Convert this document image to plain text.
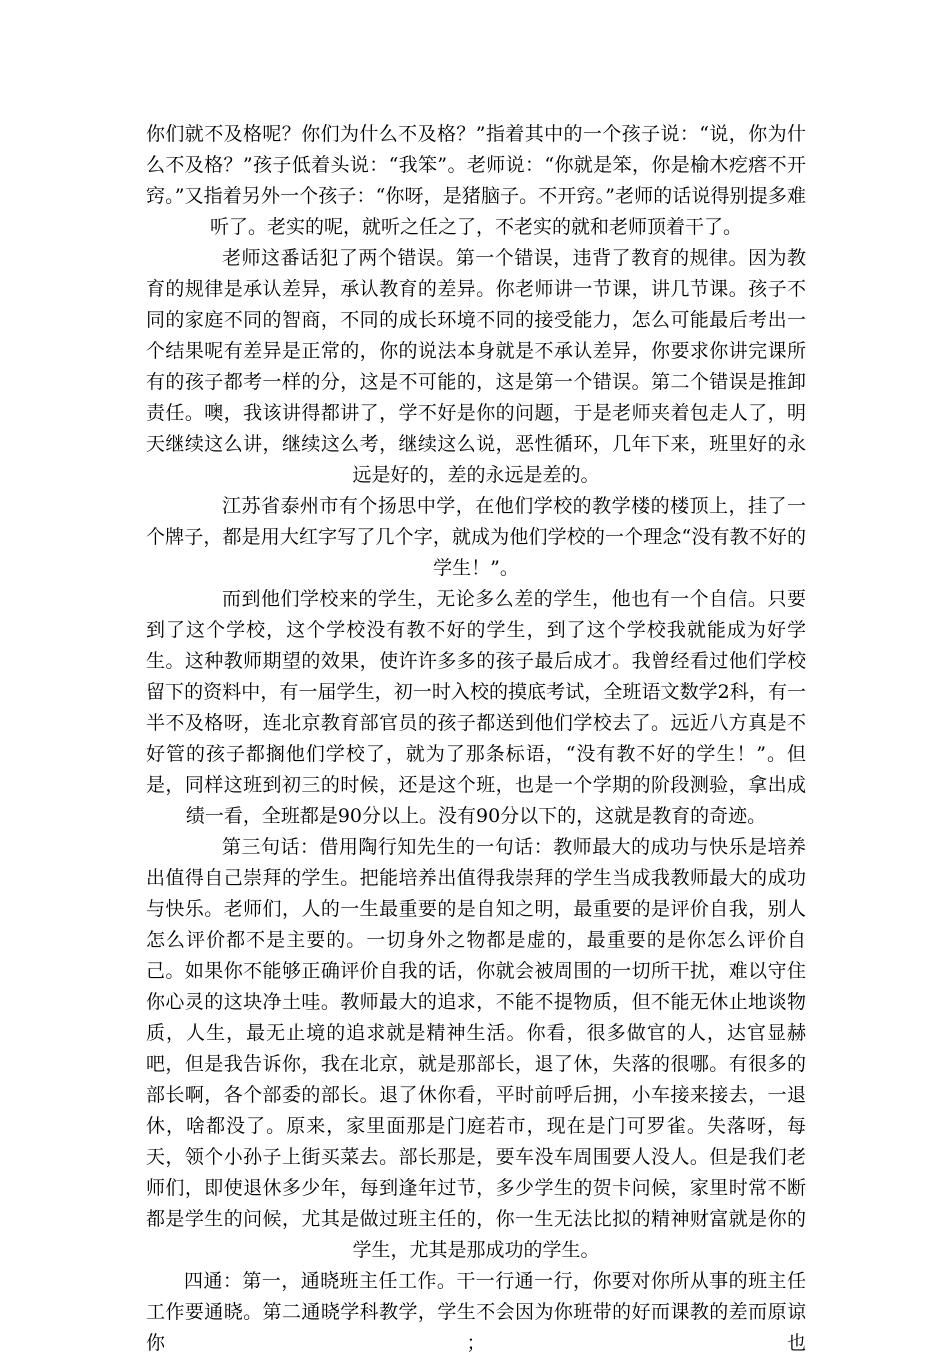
你们就不及格呢？你们为什么不及格？”指着其中的一个孩子说：“说，你为什么不及格？”孩子低着头说：“我笨”。老师说：“你就是笨，你是榆木疙瘩不开窍。”又指着另外一个孩子：“你呀，是猪脑子。不开窍。”老师的话说得别提多难听了。老实的呢，就听之任之了，不老实的就和老师顶着干了。

老师这番话犯了两个错误。第一个错误，违背了教育的规律。因为教育的规律是承认差异，承认教育的差异。你老师讲一节课，讲几节课。孩子不同的家庭不同的智商，不同的成长环境不同的接受能力，怎么可能最后考出一个结果呢有差异是正常的，你的说法本身就是不承认差异，你要求你讲完课所有的孩子都考一样的分，这是不可能的，这是第一个错误。第二个错误是推卸责任。噢，我该讲得都讲了，学不好是你的问题，于是老师夹着包走人了，明天继续这么讲，继续这么考，继续这么说，恶性循环，几年下来，班里好的永远是好的，差的永远是差的。

江苏省泰州市有个扬思中学，在他们学校的教学楼的楼顶上，挂了一个牌子，都是用大红字写了几个字，就成为他们学校的一个理念“没有教不好的学生！”。

而到他们学校来的学生，无论多么差的学生，他也有一个自信。只要到了这个学校，这个学校没有教不好的学生，到了这个学校我就能成为好学生。这种教师期望的效果，使许许多多的孩子最后成才。我曾经看过他们学校留下的资料中，有一届学生，初一时入校的摸底考试，全班语文数学2科，有一半不及格呀，连北京教育部官员的孩子都送到他们学校去了。远近八方真是不好管的孩子都搁他们学校了，就为了那条标语，“没有教不好的学生！”。但是，同样这班到初三的时候，还是这个班，也是一个学期的阶段测验，拿出成绩一看，全班都是90分以上。没有90分以下的，这就是教育的奇迹。

第三句话：借用陶行知先生的一句话：教师最大的成功与快乐是培养出值得自己崇拜的学生。把能培养出值得我崇拜的学生当成我教师最大的成功与快乐。老师们，人的一生最重要的是自知之明，最重要的是评价自我，别人怎么评价都不是主要的。一切身外之物都是虚的，最重要的是你怎么评价自己。如果你不能够正确评价自我的话，你就会被周围的一切所干扰，难以守住你心灵的这块净土哇。教师最大的追求，不能不提物质，但不能无休止地谈物质，人生，最无止境的追求就是精神生活。你看，很多做官的人，达官显赫吧，但是我告诉你，我在北京，就是那部长，退了休，失落的很哪。有很多的部长啊，各个部委的部长。退了休你看，平时前呼后拥，小车接来接去，一退休，啥都没了。原来，家里面那是门庭若市，现在是门可罗雀。失落呀，每天，领个小孙子上街买菜去。部长那是，要车没车周围要人没人。但是我们老师们，即使退休多少年，每到逢年过节，多少学生的贺卡问候，家里时常不断都是学生的问候，尤其是做过班主任的，你一生无法比拟的精神财富就是你的学生，尤其是那成功的学生。

四通：第一，通晓班主任工作。干一行通一行，你要对你所从事的班主任工作要通晓。第二通晓学科教学，学生不会因为你班带的好而课教的差而原谅你；也
